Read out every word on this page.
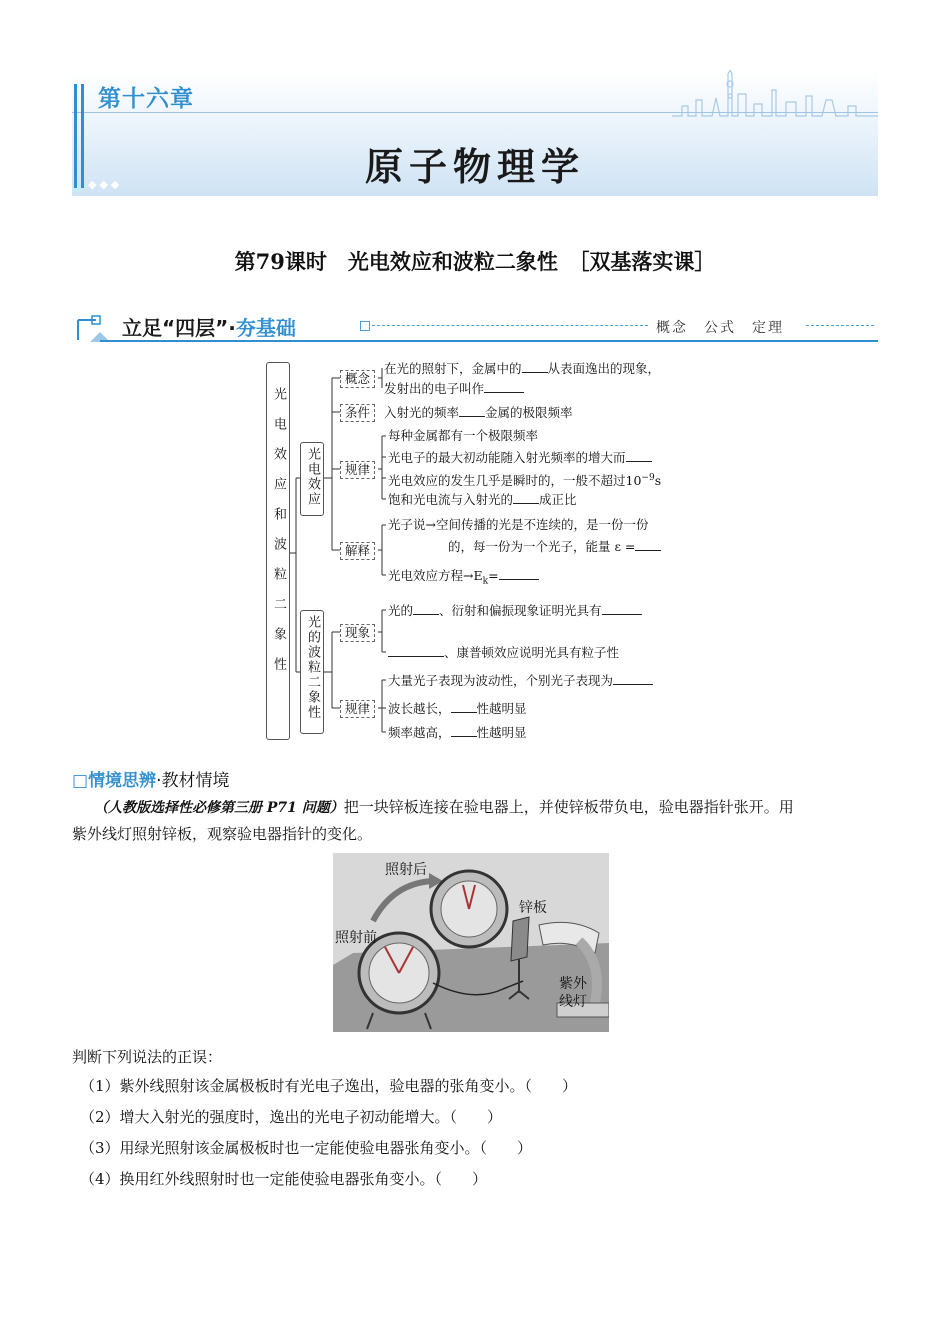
第十六章
原子物理学
◆◆◆
第79课时　光电效应和波粒二象性　［双基落实课］
立足“四层”·夯基础	概念　公式　定理
光电效应和波粒二象性 光电效应
光的波粒二象性
概念
条件
规律
解释
现象
规律
在光的照射下，金属中的 从表面逸出的现象，
发射出的电子叫作
入射光的频率 金属的极限频率
每种金属都有一个极限频率
光电子的最大初动能随入射光频率的增大而
光电效应的发生几乎是瞬时的，一般不超过$10^{-9}s$
饱和光电流与入射光的 成正比
光子说→空间传播的光是不连续的，是一份一份
的，每一份为一个光子，能量 ε =
光电效应方程$\to E_k=$
光的 、衍射和偏振现象证明光具有
、康普顿效应说明光具有粒子性
大量光子表现为波动性，个别光子表现为
波长越长， 性越明显
频率越高， 性越明显
□情境思辨·教材情境
（人教版选择性必修第三册 P71 问题）把一块锌板连接在验电器上，并使锌板带负电，验电器指针张开。用
紫外线灯照射锌板，观察验电器指针的变化。
照射后
照射前
锌板
紫外
线灯
判断下列说法的正误：
（1）紫外线照射该金属极板时有光电子逸出，验电器的张角变小。（　　）
（2）增大入射光的强度时，逸出的光电子初动能增大。（　　）
（3）用绿光照射该金属极板时也一定能使验电器张角变小。（　　）
（4）换用红外线照射时也一定能使验电器张角变小。（　　）
